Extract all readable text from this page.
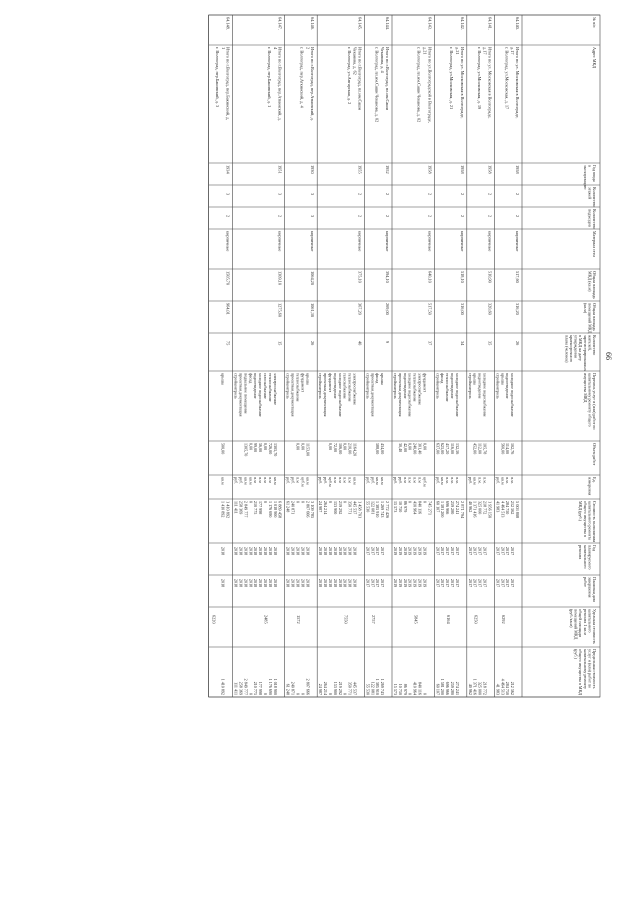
66
№ п/п
Адрес МКД
Год ввода
в
эксплуатацию
Количество
этажей
Количество
подъездов
Материал стен
Общая площадь
МКД (кв.м)
Общая площадь
помещений МКД
(кв.м)
Количество
жителей,
зарегистрированных
в МКД на дату
утверждения
краткосрочного
плана (человек)
Перечень услуг и (или) работ по
капитальному ремонту общего
имущества МКД
Объем работ
Ед.
измерения
Стоимость выполнения
капитального ремонта
общего имущества в
МКД (руб.)
Год
планируемого
капитального
ремонта
Плановая дата
завершения
работ
Удельная стоимость
капитального
ремонта 1 кв.м
общей площади
помещений МКД
(руб./кв.м)
Предельная стоимость
услуг и (или) работ по
капитальному ремонту
общего имущества в МКД
(руб.)
64.140.
Итого по ул. Московская в Волгограде,
д.17
г. Волгоград, ул.Московская, д. 17
1958
2
2
кирпичные
517,60
316,20
26
5 003 808
6292
холодное водоснабжение
102,76
п.м.
212 562
2017
2017
212 562
водоотведение
114,00
п.м.
284 750
2017
2017
284 750
крыша
560,00
кв.м
4 464 513
2017
2017
4 464 513
стройконтроль
руб.
41 983
2017
2017
41 983
64.141.
Итого по ул. Московская в Волгограде,
д.17
г. Волгоград, ул.Московская, д. 19
1958
2
2
кирпичные
510,90
320,60
35
1 956 150
6250
холодное водоснабжение
105,78
п.м.
218 772
2017
2017
218 772
водоотведение
112,00
п.м.
325 000
2017
2017
325 000
крыша
452,00
кв.м
1 371 416
2017
2017
1 371 416
стройконтроль
руб.
40 962
2017
2017
40 962
64.142.
Итого по ул. Московская в Волгограде,
д.21
г. Волгоград, ул.Московская, д. 21
1958
2
2
кирпичные
518,10
316,00
34
2 871 794
6164
холодное водоснабжение
132,56
п.м.
274 241
2017
2017
274 241
водоотведение
116,00
п.м.
259 280
2017
2017
259 280
теплоснабжение
417,20
п.м.
696 966
2017
2017
696 966
фасад
625,00
кв.м
1 581 200
2017
2017
1 581 200
стройконтроль
637,00
руб.
60 107
2017
2017
60 107
64.143.
Итого по ул.Волгоградской в Волгограде,
д.21
г. Волгоград, пл.им.Саши Чеканова, д. 02
1958
2
2
кирпичные
640,10
517,50
37
745 271
5845
фундамент
0,00
куб.м
0
2019
2019
0
электроснабжение
301,40
п.м
840 116
2019
2019
840 116
теплоснабжение
240,00
п.м
410 964
2019
2019
410 964
холодное водоснабжение
0,00
п.м
0
2019
2019
0
водоотведение
42,00
п.м
86 979
2019
2019
86 979
проектная документация
30,40
руб.
10 750
2019
2019
10 750
стройконтроль
руб.
15 573
2019
2019
15 573
64.144.
Итого по г.Волгоград, пл.им.Саши
Чеканова, д. 4
г. Волгоград, пл.им.Саши Чеканова, д. 02
1952
2
2
кирпичные
394,10
269,00
9
2 772 426
2757
крыша
434,00
кв.м
1 269 743
2017
2017
1 269 743
фасад
588,00
кв.м
1 385 910
2017
2017
1 385 910
проектная документация
руб.
122 081
2017
2017
122 081
стройконтроль
руб.
55 530
2017
2017
55 530
64.145.
Итого по г.Волгоград, пл.им.Саши
Чеканова, д. 62
г. Волгоград, ул.Ангарская, д. 2
1955
2
2
кирпичные
375,10
367,20
40
1 458 701
7550
электроснабжение
1164,20
кв.м
445 537
2018
2018
445 537
теплоснабжение
210,00
п.м
350 771
2018
2018
350 771
газоснабжение
0,00
п.м
0
2018
2018
0
холодное водоснабжение
106,00
п.м
219 292
2018
2018
219 292
водоотведение
72,00
п.м
153 900
2018
2018
153 900
фундамент
0,00
куб.м
0
2018
2018
0
проектная документация
руб.
264 214
2018
2018
264 214
стройконтроль
руб.
24 987
2018
2018
24 987
64.146.
Итого по г.Волгоград, пер.Аткинский, д.
2
г. Волгоград, пер.Аткинский, д. 4
1930
3
3
кирпичные
1064,20
1061,30
26
3 109 785
1572
крыша
1153,00
кв.м
2 807 666
2018
2018
2 807 666
фундамент
0,00
куб.м
0
2018
2018
0
теплоснабжение
0,00
п.м
0
2018
2018
0
проектная документация
руб.
240 871
2018
2018
240 871
стройконтроль
руб.
61 248
2018
2018
61 248
64.147.
Итого по г.Волгоград, пер.Аткинский, д.
4
г. Волгоград, пер.Бакинский, д. 1
1951
3
2
кирпичные
1309,10
1275,60
15
6 889 458
2485
электроснабжение
1305,70
кв.м
1 018 900
2018
2018
1 018 900
теплоснабжение
726,00
п.м
1 176 690
2018
2018
1 176 690
газоснабжение
0,00
п.м
0
2018
2018
0
холодное водоснабжение
56,00
п.м
177 998
2018
2018
177 998
водоотведение
99,00
п.м
210 775
2018
2018
210 775
фасад
0,00
кв.м
0
2018
2018
0
подвальное помещение
1305,70
кв.м
2 849 777
2018
2018
2 849 777
проектная документация
руб.
258 369
2018
2018
258 369
стройконтроль
руб.
111 411
2018
2018
111 411
64.148.
Итого по г.Волгоград, пер.Бакинский, д.
1
г. Волгоград, пер.Бакинский, д. 3
1934
3
2
кирпичные
1505,70
964,01
75
1 410 892
6220
крыша
500,00
кв.м
1 410 892
2018
2018
1 410 892
